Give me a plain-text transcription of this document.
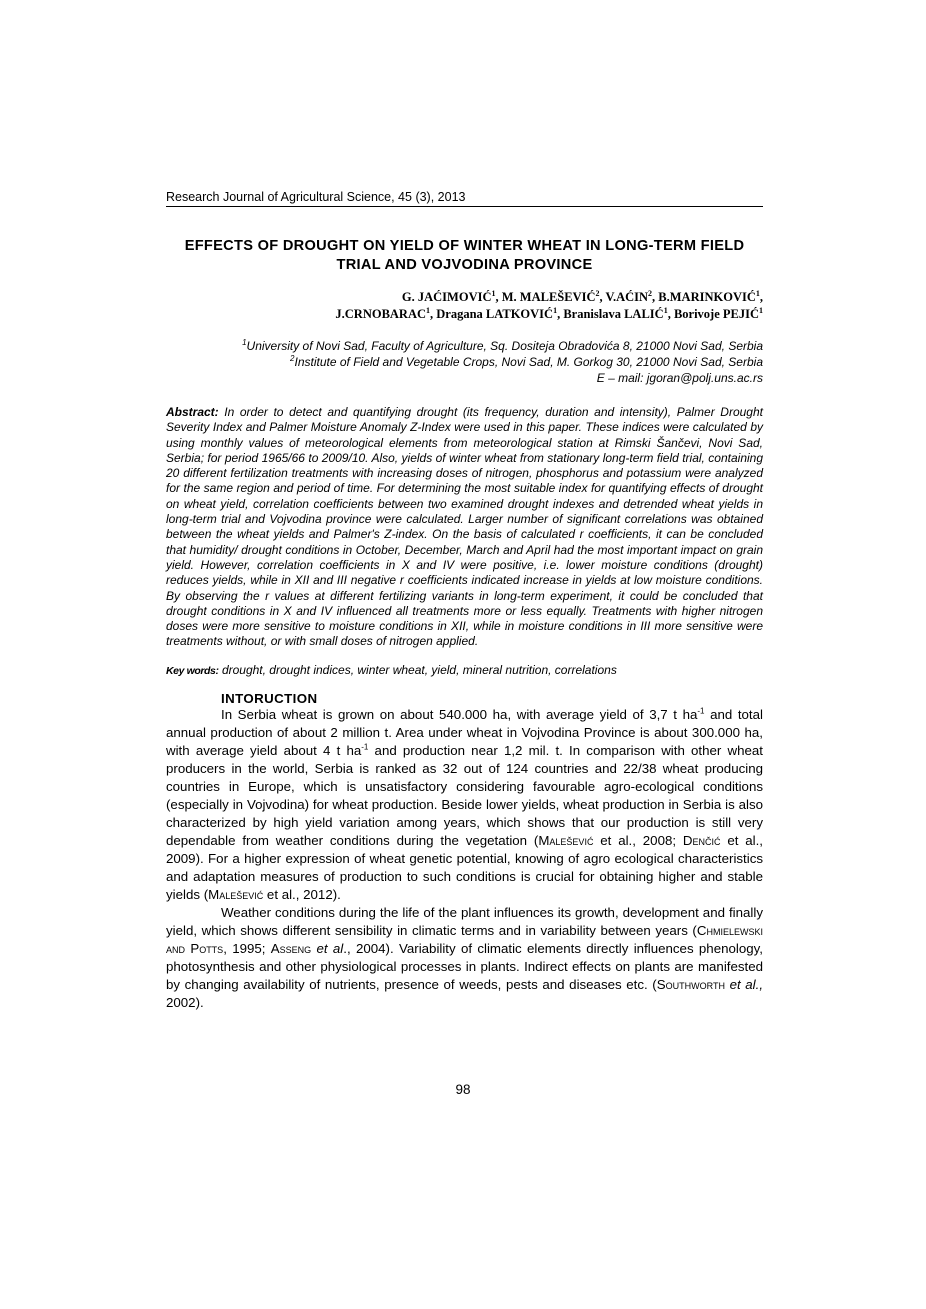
Research Journal of Agricultural Science, 45 (3), 2013
EFFECTS OF DROUGHT ON YIELD OF WINTER WHEAT IN LONG-TERM FIELD TRIAL AND VOJVODINA PROVINCE
G. JAĆIMOVIĆ$^1$, M. MALEŠEVIĆ$^2$, V.AĆIN$^2$, B.MARINKOVIĆ$^1$,
J.CRNOBARAC$^1$, Dragana LATKOVIĆ$^1$, Branislava LALIĆ$^1$, Borivoje PEJIĆ$^1$
$^1$University of Novi Sad, Faculty of Agriculture, Sq. Dositeja Obradovića 8, 21000 Novi Sad, Serbia
$^2$Institute of Field and Vegetable Crops, Novi Sad, M. Gorkog 30, 21000 Novi Sad, Serbia
E – mail: jgoran@polj.uns.ac.rs
Abstract: In order to detect and quantifying drought (its frequency, duration and intensity), Palmer Drought Severity Index and Palmer Moisture Anomaly Z-Index were used in this paper. These indices were calculated by using monthly values of meteorological elements from meteorological station at Rimski Šančevi, Novi Sad, Serbia; for period 1965/66 to 2009/10. Also, yields of winter wheat from stationary long-term field trial, containing 20 different fertilization treatments with increasing doses of nitrogen, phosphorus and potassium were analyzed for the same region and period of time. For determining the most suitable index for quantifying effects of drought on wheat yield, correlation coefficients between two examined drought indexes and detrended wheat yields in long-term trial and Vojvodina province were calculated. Larger number of significant correlations was obtained between the wheat yields and Palmer's Z-index. On the basis of calculated r coefficients, it can be concluded that humidity/ drought conditions in October, December, March and April had the most important impact on grain yield. However, correlation coefficients in X and IV were positive, i.e. lower moisture conditions (drought) reduces yields, while in XII and III negative r coefficients indicated increase in yields at low moisture conditions. By observing the r values at different fertilizing variants in long-term experiment, it could be concluded that drought conditions in X and IV influenced all treatments more or less equally. Treatments with higher nitrogen doses were more sensitive to moisture conditions in XII, while in moisture conditions in III more sensitive were treatments without, or with small doses of nitrogen applied.
Key words: drought, drought indices, winter wheat, yield, mineral nutrition, correlations
INTORUCTION

In Serbia wheat is grown on about 540.000 ha, with average yield of 3,7 t $ha^{-1}$ and total annual production of about 2 million t. Area under wheat in Vojvodina Province is about 300.000 ha, with average yield about 4 t $ha^{-1}$ and production near 1,2 mil. t. In comparison with other wheat producers in the world, Serbia is ranked as 32 out of 124 countries and 22/38 wheat producing countries in Europe, which is unsatisfactory considering favourable agro-ecological conditions (especially in Vojvodina) for wheat production. Beside lower yields, wheat production in Serbia is also characterized by high yield variation among years, which shows that our production is still very dependable from weather conditions during the vegetation (Malešević et al., 2008; Denčić et al., 2009). For a higher expression of wheat genetic potential, knowing of agro ecological characteristics and adaptation measures of production to such conditions is crucial for obtaining higher and stable yields (Malešević et al., 2012).

Weather conditions during the life of the plant influences its growth, development and finally yield, which shows different sensibility in climatic terms and in variability between years (Chmielewski and Potts, 1995; Asseng et al., 2004). Variability of climatic elements directly influences phenology, photosynthesis and other physiological processes in plants. Indirect effects on plants are manifested by changing availability of nutrients, presence of weeds, pests and diseases etc. (Southworth et al., 2002).

98
